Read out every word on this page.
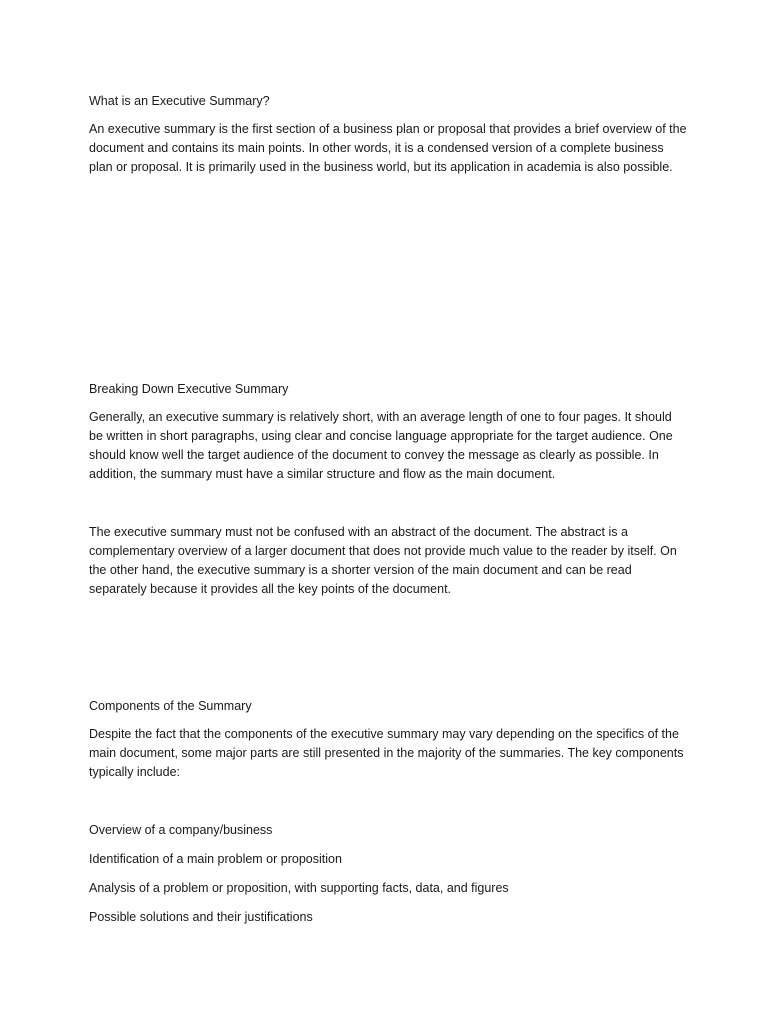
What is an Executive Summary?

An executive summary is the first section of a business plan or proposal that provides a brief overview of the document and contains its main points. In other words, it is a condensed version of a complete business plan or proposal. It is primarily used in the business world, but its application in academia is also possible.

Breaking Down Executive Summary

Generally, an executive summary is relatively short, with an average length of one to four pages. It should be written in short paragraphs, using clear and concise language appropriate for the target audience. One should know well the target audience of the document to convey the message as clearly as possible. In addition, the summary must have a similar structure and flow as the main document.

The executive summary must not be confused with an abstract of the document. The abstract is a complementary overview of a larger document that does not provide much value to the reader by itself. On the other hand, the executive summary is a shorter version of the main document and can be read separately because it provides all the key points of the document.

Components of the Summary

Despite the fact that the components of the executive summary may vary depending on the specifics of the main document, some major parts are still presented in the majority of the summaries. The key components typically include:

Overview of a company/business

Identification of a main problem or proposition

Analysis of a problem or proposition, with supporting facts, data, and figures

Possible solutions and their justifications
